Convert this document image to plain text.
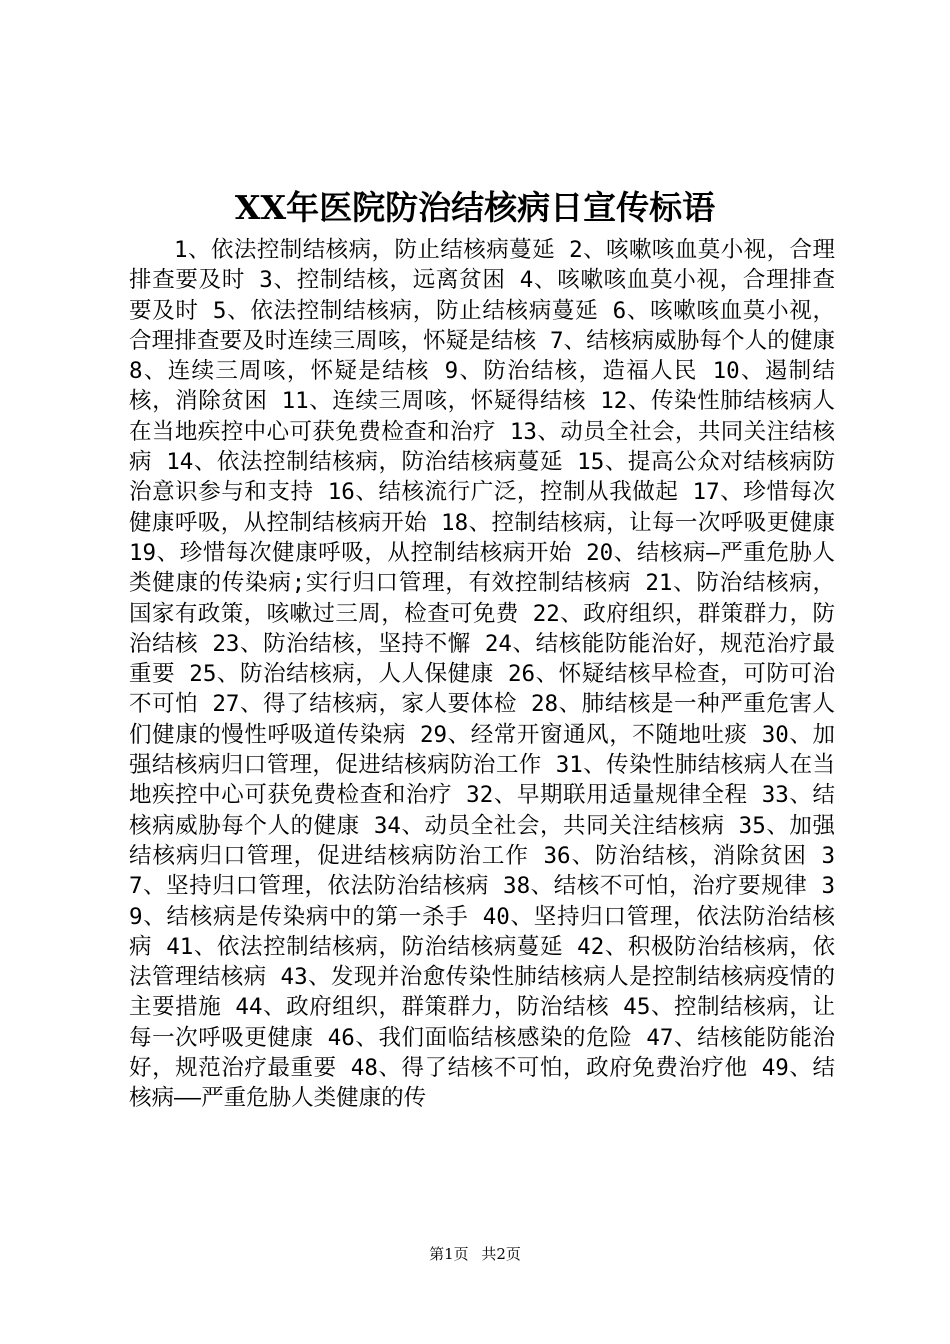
XX年医院防治结核病日宣传标语

1、依法控制结核病，防止结核病蔓延 2、咳嗽咳血莫小视，合理排查要及时 3、控制结核，远离贫困 4、咳嗽咳血莫小视，合理排查要及时 5、依法控制结核病，防止结核病蔓延 6、咳嗽咳血莫小视，合理排查要及时连续三周咳，怀疑是结核 7、结核病威胁每个人的健康 8、连续三周咳，怀疑是结核 9、防治结核，造福人民 10、遏制结核，消除贫困 11、连续三周咳，怀疑得结核 12、传染性肺结核病人在当地疾控中心可获免费检查和治疗 13、动员全社会，共同关注结核病 14、依法控制结核病，防治结核病蔓延 15、提高公众对结核病防治意识参与和支持 16、结核流行广泛，控制从我做起 17、珍惜每次健康呼吸，从控制结核病开始 18、控制结核病，让每一次呼吸更健康 19、珍惜每次健康呼吸，从控制结核病开始 20、结核病—严重危胁人类健康的传染病;实行归口管理，有效控制结核病 21、防治结核病，国家有政策，咳嗽过三周，检查可免费 22、政府组织，群策群力，防治结核 23、防治结核，坚持不懈 24、结核能防能治好，规范治疗最重要 25、防治结核病，人人保健康 26、怀疑结核早检查，可防可治不可怕 27、得了结核病，家人要体检 28、肺结核是一种严重危害人们健康的慢性呼吸道传染病 29、经常开窗通风，不随地吐痰 30、加强结核病归口管理，促进结核病防治工作 31、传染性肺结核病人在当地疾控中心可获免费检查和治疗 32、早期联用适量规律全程 33、结核病威胁每个人的健康 34、动员全社会，共同关注结核病 35、加强结核病归口管理，促进结核病防治工作 36、防治结核，消除贫困 37、坚持归口管理，依法防治结核病 38、结核不可怕，治疗要规律 39、结核病是传染病中的第一杀手 40、坚持归口管理，依法防治结核病 41、依法控制结核病，防治结核病蔓延 42、积极防治结核病，依法管理结核病 43、发现并治愈传染性肺结核病人是控制结核病疫情的主要措施 44、政府组织，群策群力，防治结核 45、控制结核病，让每一次呼吸更健康 46、我们面临结核感染的危险 47、结核能防能治好，规范治疗最重要 48、得了结核不可怕，政府免费治疗他 49、结核病——严重危胁人类健康的传

第1页 共2页
